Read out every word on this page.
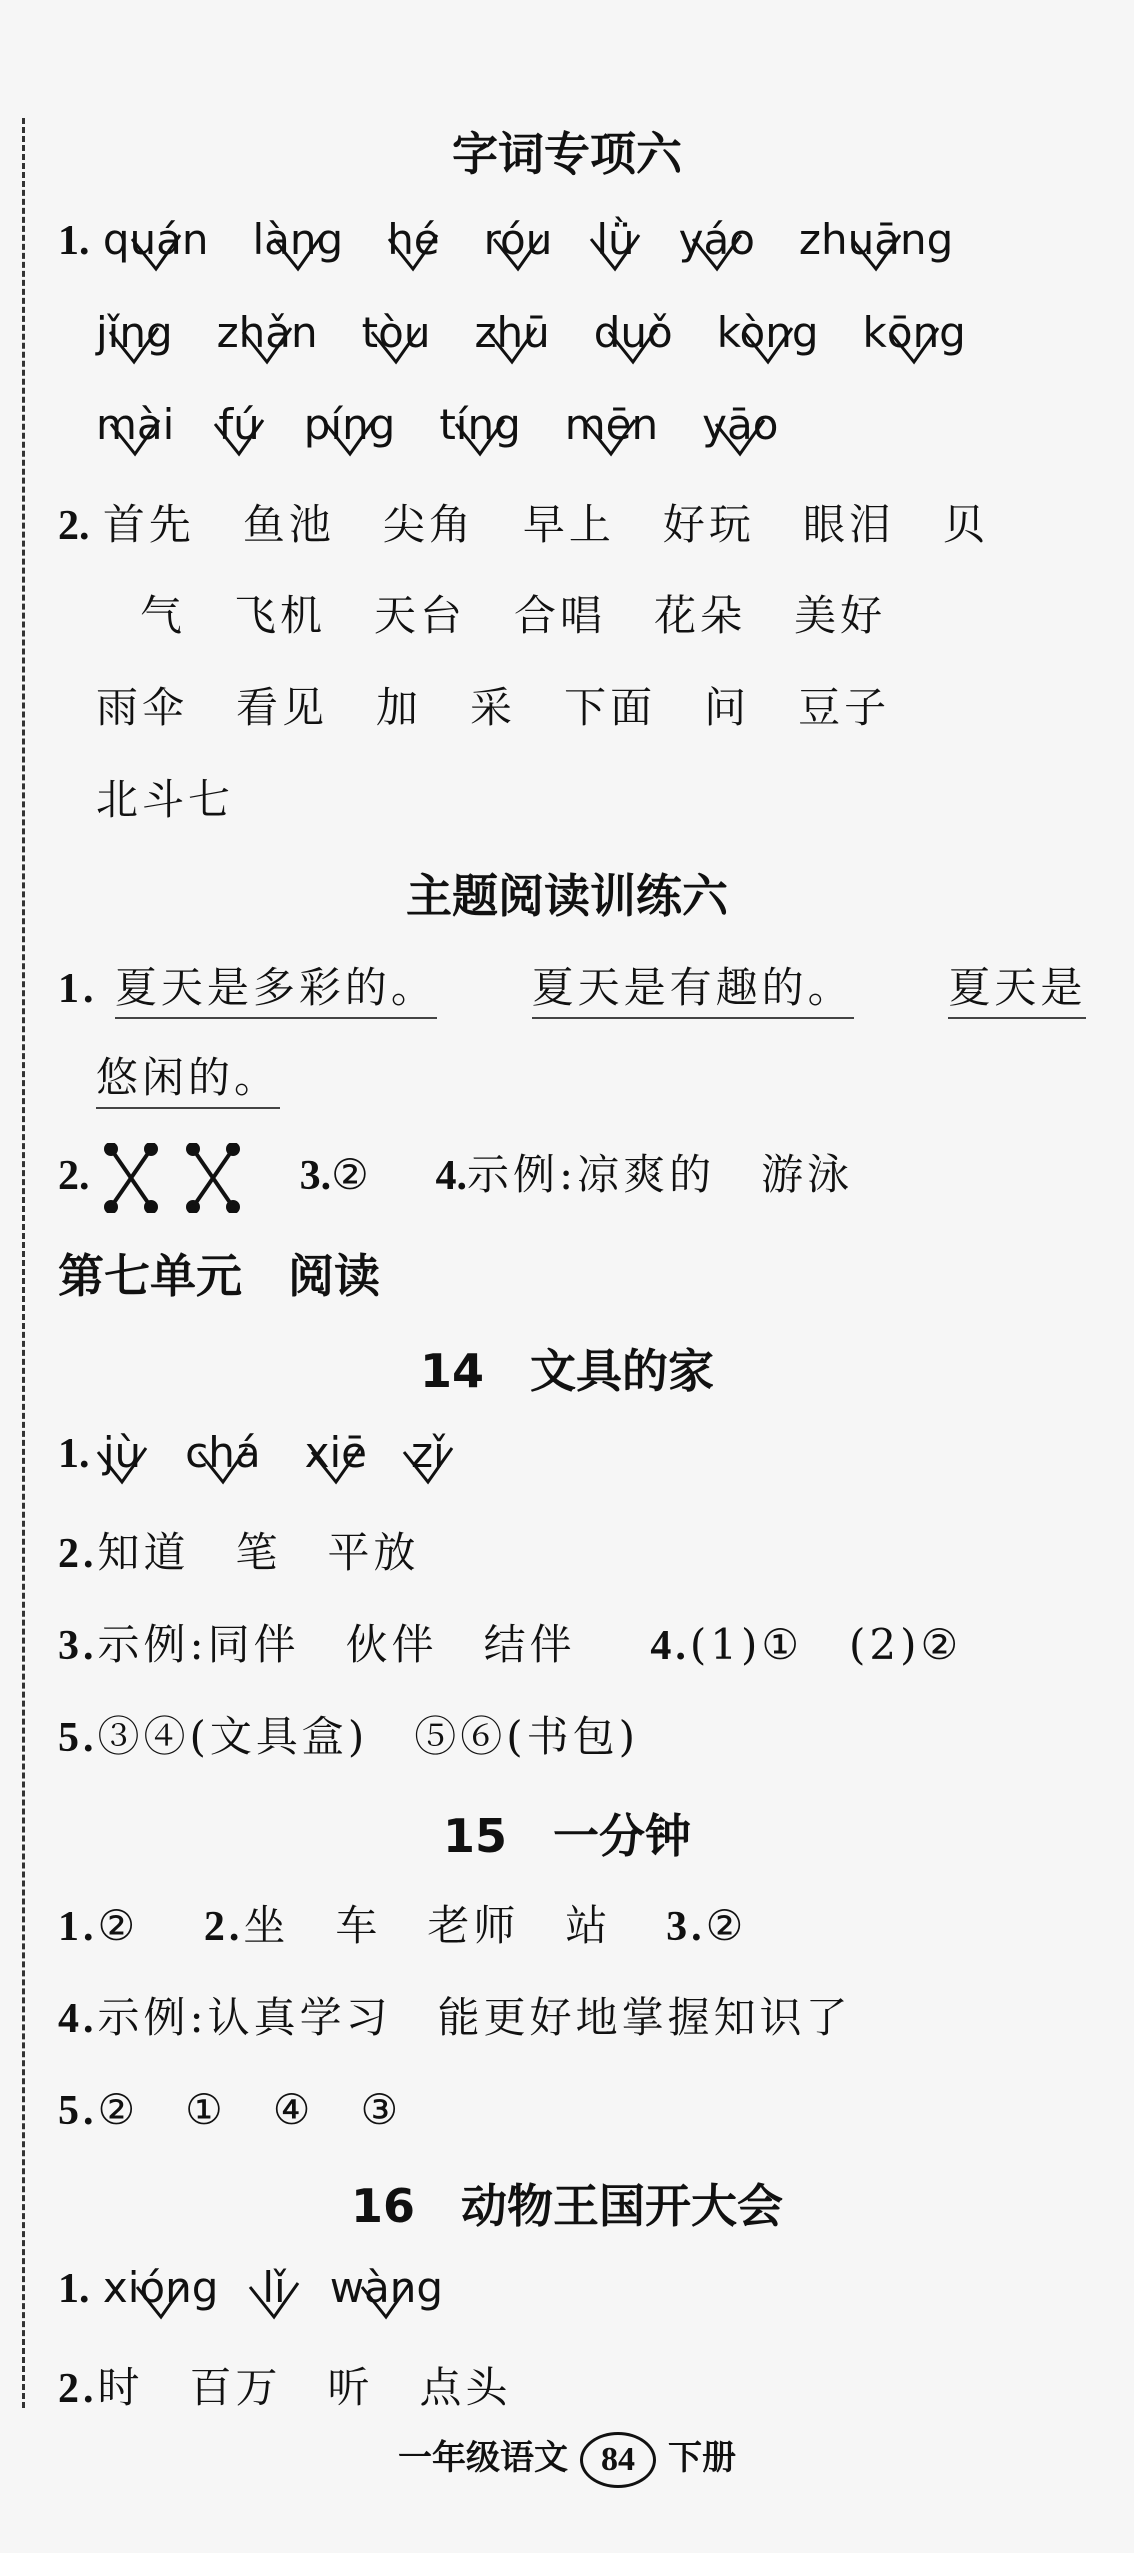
字词专项六
1. quán làng hé róu lǜ yáo zhuāng
jǐng zhǎn tòu zhū duǒ kòng kōng
mài fú píng tíng mēn yāo
2. 首先 鱼池 尖角 早上 好玩 眼泪 贝
气 飞机 天台 合唱 花朵 美好
雨伞 看见 加 采 下面 问 豆子
北斗七
主题阅读训练六
1. 夏天是多彩的。 夏天是有趣的。 夏天是
悠闲的。
2.	3.② 4.示例:凉爽的　游泳
第七单元　阅读
14　文具的家
1. jù chá xiē zǐ
2.知道　笔　平放
3.示例:同伴　伙伴　结伴 4.(1)①　(2)②
5.③④(文具盒)　⑤⑥(书包)
15　一分钟
1.② 2.坐　车　老师　站 3.②
4.示例:认真学习　能更好地掌握知识了
5.②　①　④　③
16　动物王国开大会
1. xióng lǐ wàng
2.时　百万　听　点头
一年级语文 84 下册
